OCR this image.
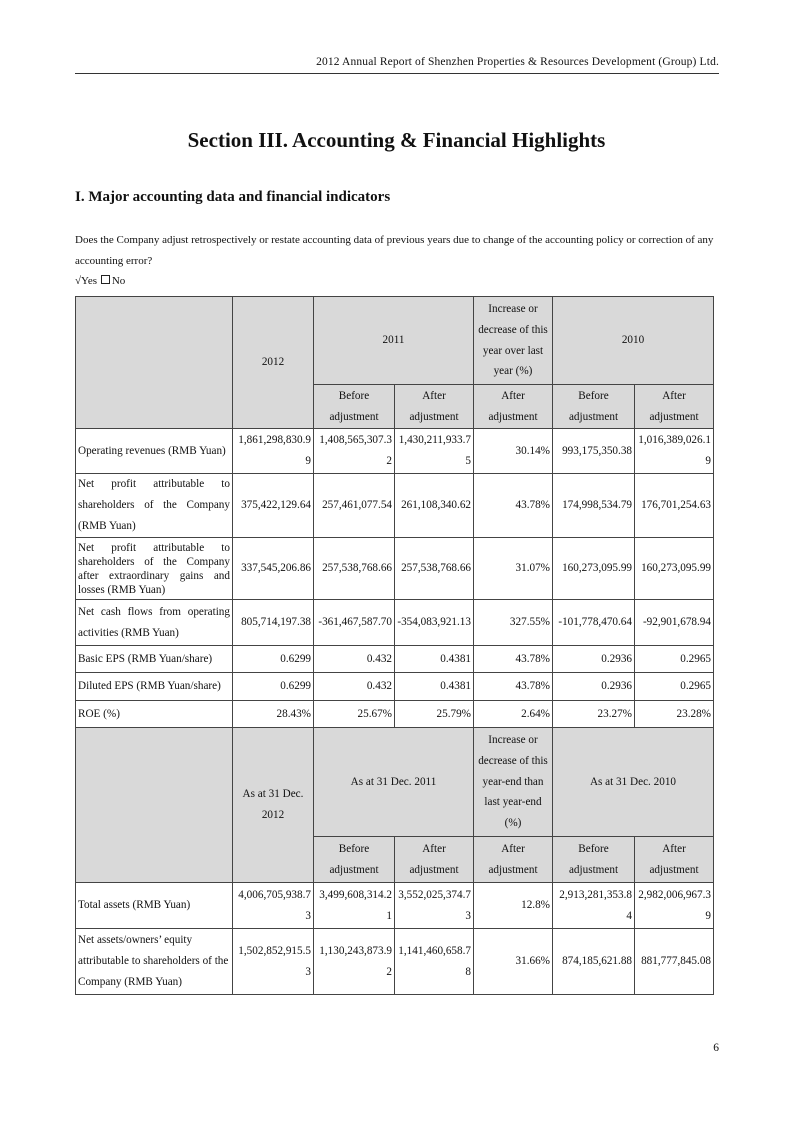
2012 Annual Report of Shenzhen Properties & Resources Development (Group) Ltd.
Section III. Accounting & Financial Highlights
I. Major accounting data and financial indicators
Does the Company adjust retrospectively or restate accounting data of previous years due to change of the accounting policy or correction of any accounting error?
√Yes No
	2012	2011		Increase or decrease of this year over last year (%)	2010	
		Before adjustment	After adjustment	After adjustment	Before adjustment	After adjustment
Operating revenues (RMB Yuan)	1,861,298,830.99	1,408,565,307.32	1,430,211,933.75	30.14%	993,175,350.38	1,016,389,026.19
Net profit attributable to shareholders of the Company (RMB Yuan)	375,422,129.64	257,461,077.54	261,108,340.62	43.78%	174,998,534.79	176,701,254.63
Net profit attributable to shareholders of the Company after extraordinary gains and losses (RMB Yuan)	337,545,206.86	257,538,768.66	257,538,768.66	31.07%	160,273,095.99	160,273,095.99
Net cash flows from operating activities (RMB Yuan)	805,714,197.38	-361,467,587.70	-354,083,921.13	327.55%	-101,778,470.64	-92,901,678.94
Basic EPS (RMB Yuan/share)	0.6299	0.432	0.4381	43.78%	0.2936	0.2965
Diluted EPS (RMB Yuan/share)	0.6299	0.432	0.4381	43.78%	0.2936	0.2965
ROE (%)	28.43%	25.67%	25.79%	2.64%	23.27%	23.28%
	As at 31 Dec. 2012	As at 31 Dec. 2011		Increase or decrease of this year-end than last year-end (%)	As at 31 Dec. 2010	
		Before adjustment	After adjustment	After adjustment	Before adjustment	After adjustment
Total assets (RMB Yuan)	4,006,705,938.73	3,499,608,314.21	3,552,025,374.73	12.8%	2,913,281,353.84	2,982,006,967.39
Net assets/owners’ equity attributable to shareholders of the Company (RMB Yuan)	1,502,852,915.53	1,130,243,873.92	1,141,460,658.78	31.66%	874,185,621.88	881,777,845.08
6
